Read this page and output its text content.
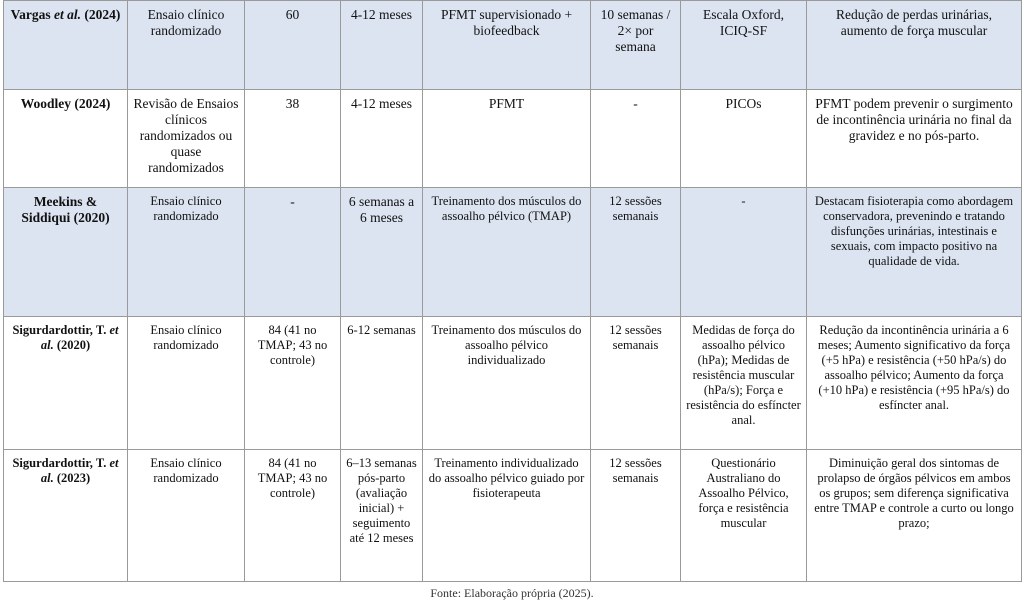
Vargas et al. (2024)	Ensaio clínico randomizado	60	4-12 meses	PFMT supervisionado + biofeedback	10 semanas / 2× por semana	Escala Oxford, ICIQ-SF	Redução de perdas urinárias, aumento de força muscular
Woodley (2024)	Revisão de Ensaios clínicos randomizados ou quase randomizados	38	4-12 meses	PFMT	-	PICOs	PFMT podem prevenir o surgimento de incontinência urinária no final da gravidez e no pós-parto.
Meekins & Siddiqui (2020)	Ensaio clínico randomizado	-	6 semanas a 6 meses	Treinamento dos músculos do assoalho pélvico (TMAP)	12 sessões semanais	-	Destacam fisioterapia como abordagem conservadora, prevenindo e tratando disfunções urinárias, intestinais e sexuais, com impacto positivo na qualidade de vida.
Sigurdardottir, T. et al. (2020)	Ensaio clínico randomizado	84 (41 no TMAP; 43 no controle)	6-12 semanas	Treinamento dos músculos do assoalho pélvico individualizado	12 sessões semanais	Medidas de força do assoalho pélvico (hPa); Medidas de resistência muscular (hPa/s); Força e resistência do esfíncter anal.	Redução da incontinência urinária a 6 meses; Aumento significativo da força (+5 hPa) e resistência (+50 hPa/s) do assoalho pélvico; Aumento da força (+10 hPa) e resistência (+95 hPa/s) do esfíncter anal.
Sigurdardottir, T. et al. (2023)	Ensaio clínico randomizado	84 (41 no TMAP; 43 no controle)	6–13 semanas pós-parto (avaliação inicial) + seguimento até 12 meses	Treinamento individualizado do assoalho pélvico guiado por fisioterapeuta	12 sessões semanais	Questionário Australiano do Assoalho Pélvico, força e resistência muscular	Diminuição geral dos sintomas de prolapso de órgãos pélvicos em ambos os grupos; sem diferença significativa entre TMAP e controle a curto ou longo prazo;
Fonte: Elaboração própria (2025).
